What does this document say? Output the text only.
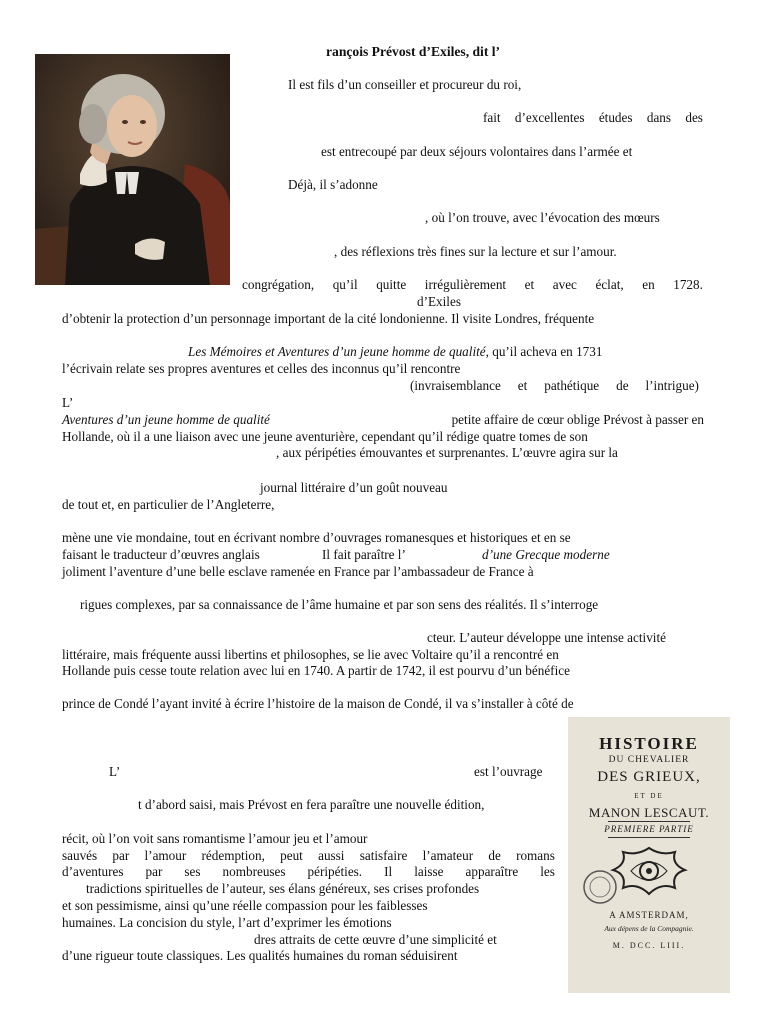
HISTOIRE
DU CHEVALIER
DES GRIEUX,
ET DE
MANON LESCAUT.
PREMIERE PARTIE
A AMSTERDAM,
Aux dépens de la Compagnie.
M. DCC. LIII.
rançois Prévost d’Exiles, dit l’
Il est fils d’un conseiller et procureur du roi,
fait d’excellentes études dans des
est entrecoupé par deux séjours volontaires dans l’armée et
Déjà, il s’adonne
, où l’on trouve, avec l’évocation des mœurs
, des réflexions très fines sur la lecture et sur l’amour.
congrégation, qu’il quitte irrégulièrement et avec éclat, en 1728.
d’Exiles
d’obtenir la protection d’un personnage important de la cité londonienne. Il visite Londres, fréquente
Les Mémoires et Aventures d’un jeune homme de qualité, qu’il acheva en 1731
l’écrivain relate ses propres aventures et celles des inconnus qu’il rencontre
(invraisemblance et pathétique de l’intrigue)
L’
Aventures d’un jeune homme de qualité	petite affaire de cœur oblige Prévost à passer en
Hollande, où il a une liaison avec une jeune aventurière, cependant qu’il rédige quatre tomes de son
, aux péripéties émouvantes et surprenantes. L’œuvre agira sur la
journal littéraire d’un goût nouveau
de tout et, en particulier de l’Angleterre,
mène une vie mondaine, tout en écrivant nombre d’ouvrages romanesques et historiques et en se
faisant le traducteur d’œuvres anglais	Il fait paraître l’	d’une Grecque moderne
joliment l’aventure d’une belle esclave ramenée en France par l’ambassadeur de France à
rigues complexes, par sa connaissance de l’âme humaine et par son sens des réalités. Il s’interroge
cteur. L’auteur développe une intense activité
littéraire, mais fréquente aussi libertins et philosophes, se lie avec Voltaire qu’il a rencontré en
Hollande puis cesse toute relation avec lui en 1740. A partir de 1742, il est pourvu d’un bénéfice
prince de Condé l’ayant invité à écrire l’histoire de la maison de Condé, il va s’installer à côté de
L’	est l’ouvrage
t d’abord saisi, mais Prévost en fera paraître une nouvelle édition,
récit, où l’on voit sans romantisme l’amour jeu et l’amour
sauvés par l’amour rédemption, peut aussi satisfaire l’amateur de romans
d’aventures par ses nombreuses péripéties. Il laisse apparaître les
tradictions spirituelles de l’auteur, ses élans généreux, ses crises profondes
et son pessimisme, ainsi qu’une réelle compassion pour les faiblesses
humaines. La concision du style, l’art d’exprimer les émotions
dres attraits de cette œuvre d’une simplicité et
d’une rigueur toute classiques. Les qualités humaines du roman séduisirent
